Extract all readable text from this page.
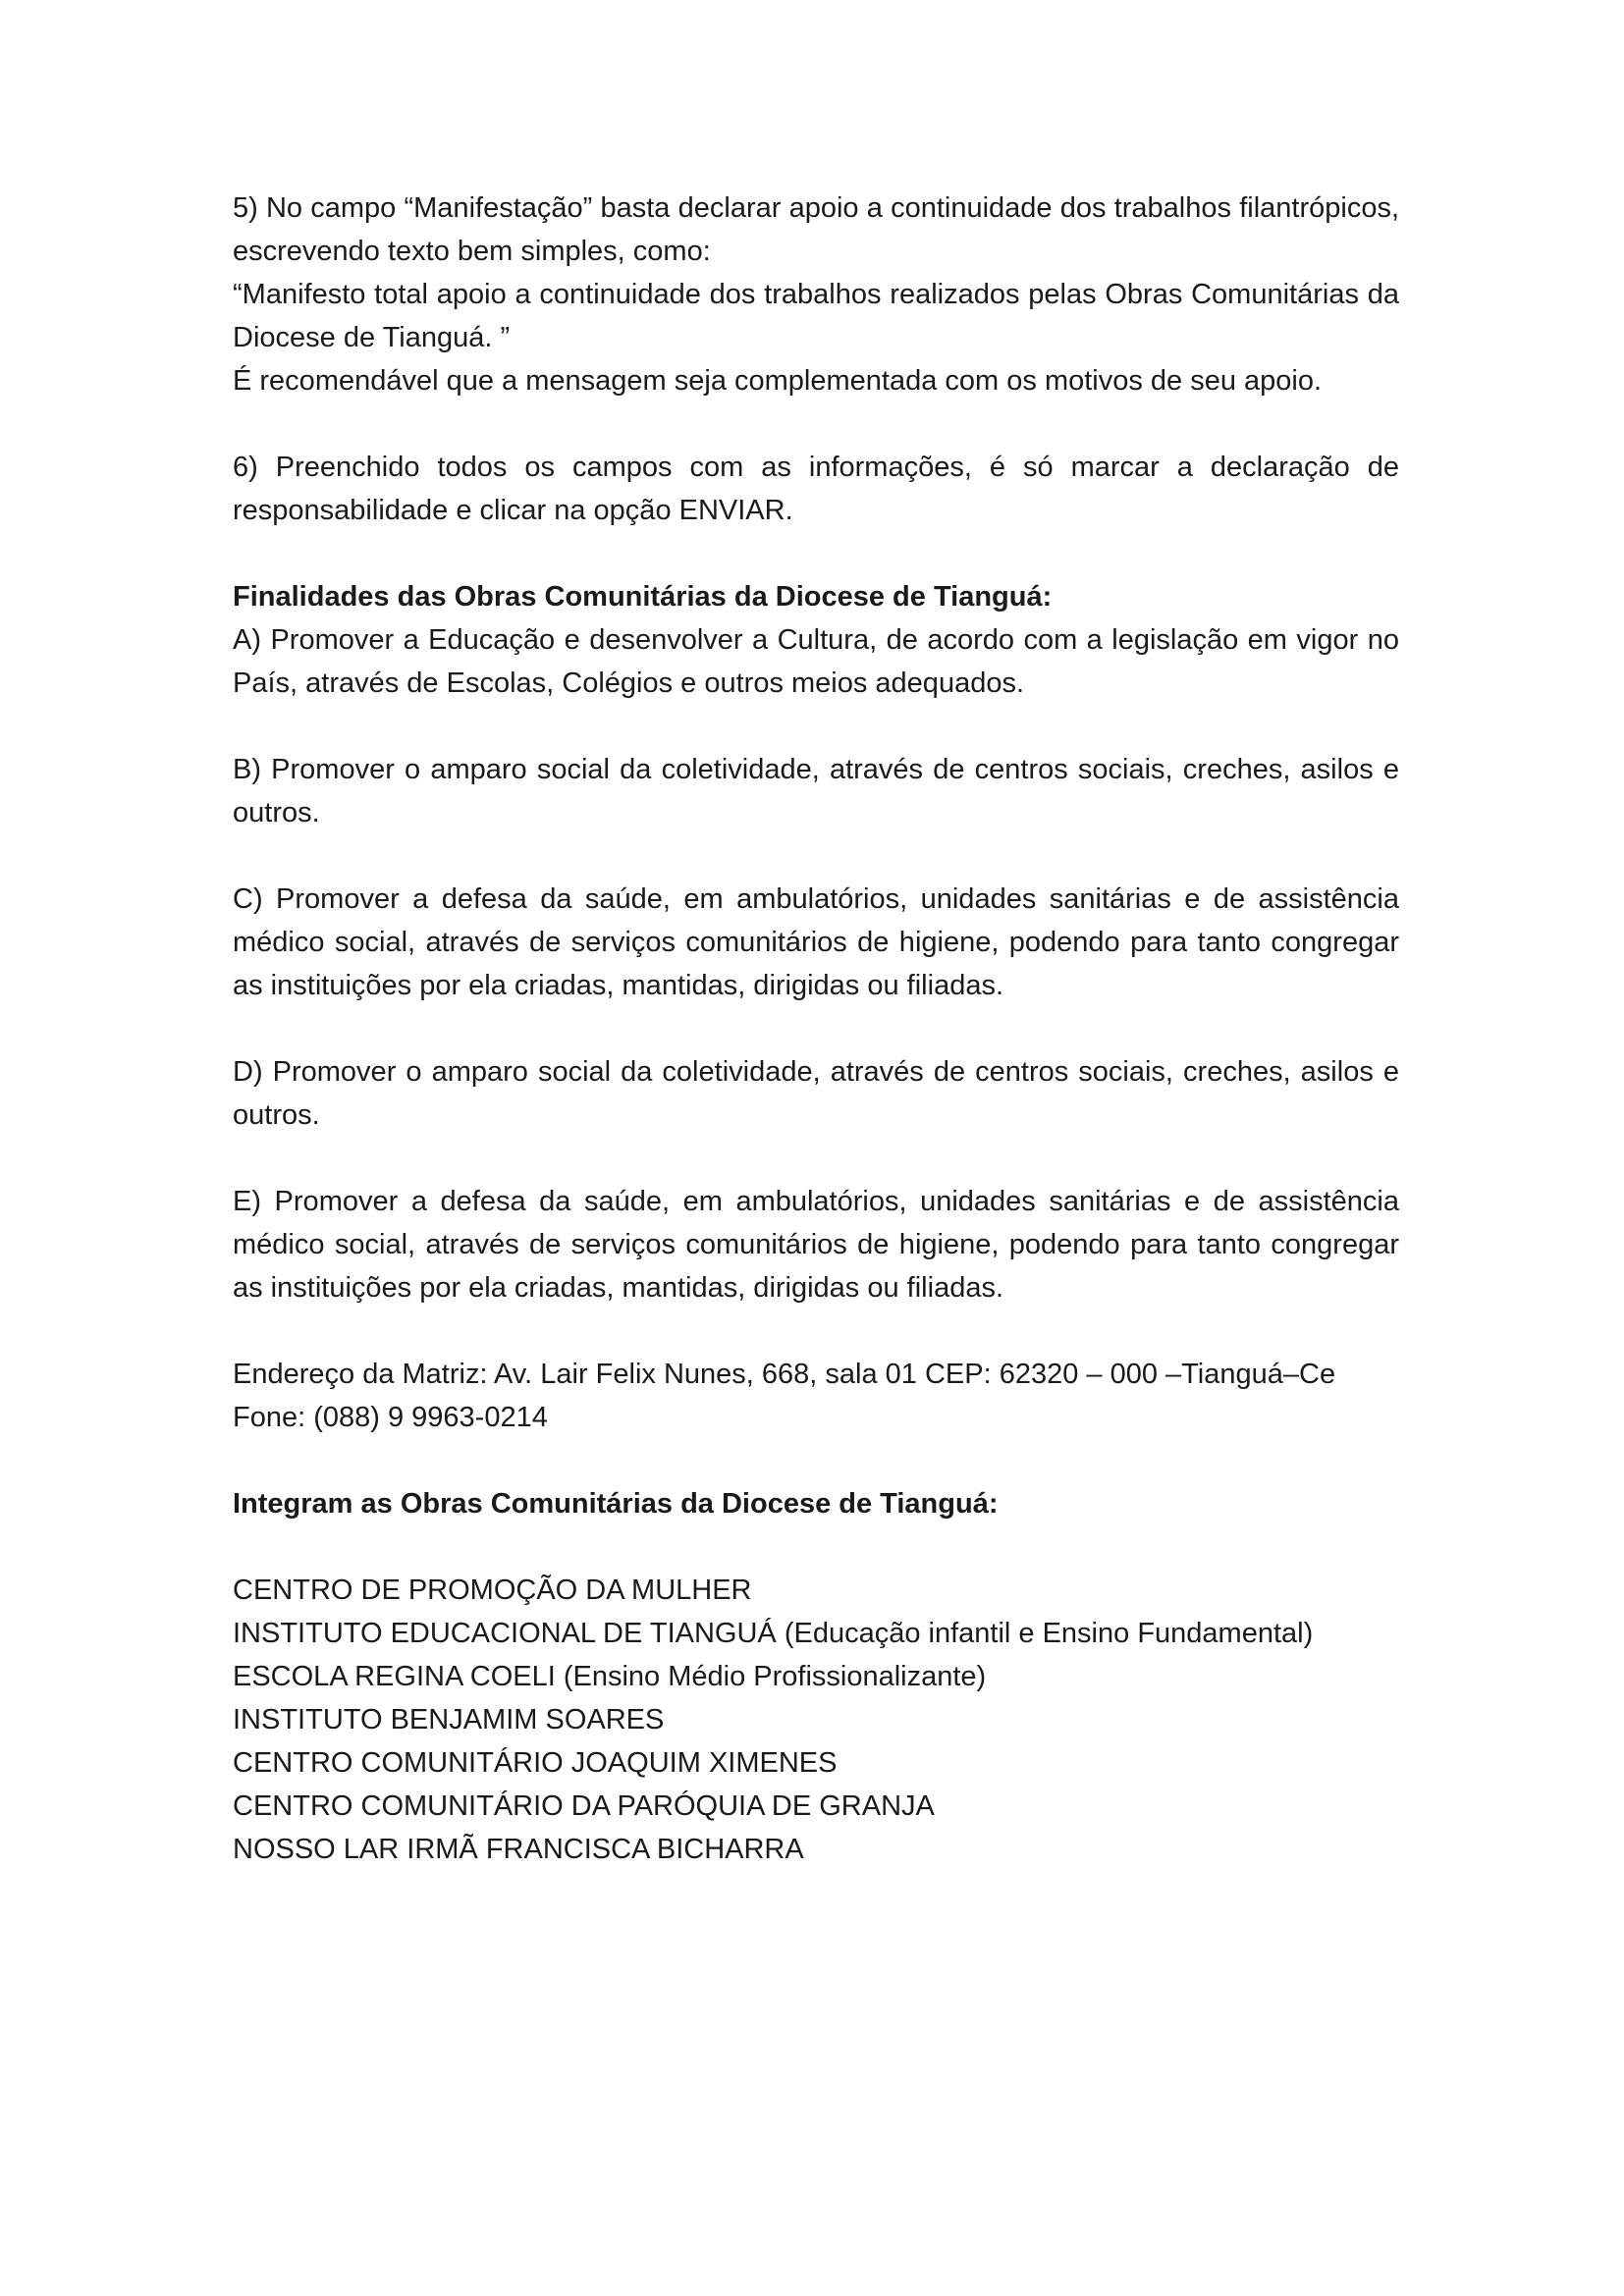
5) No campo “Manifestação” basta declarar apoio a continuidade dos trabalhos filantrópicos, escrevendo texto bem simples, como:

“Manifesto total apoio a continuidade dos trabalhos realizados pelas Obras Comunitárias da Diocese de Tianguá. ”

É recomendável que a mensagem seja complementada com os motivos de seu apoio.

6) Preenchido todos os campos com as informações, é só marcar a declaração de responsabilidade e clicar na opção ENVIAR.

Finalidades das Obras Comunitárias da Diocese de Tianguá:

A) Promover a Educação e desenvolver a Cultura, de acordo com a legislação em vigor no País, através de Escolas, Colégios e outros meios adequados.

B) Promover o amparo social da coletividade, através de centros sociais, creches, asilos e outros.

C) Promover a defesa da saúde, em ambulatórios, unidades sanitárias e de assistência médico social, através de serviços comunitários de higiene, podendo para tanto congregar as instituições por ela criadas, mantidas, dirigidas ou filiadas.

D) Promover o amparo social da coletividade, através de centros sociais, creches, asilos e outros.

E) Promover a defesa da saúde, em ambulatórios, unidades sanitárias e de assistência médico social, através de serviços comunitários de higiene, podendo para tanto congregar as instituições por ela criadas, mantidas, dirigidas ou filiadas.

Endereço da Matriz: Av. Lair Felix Nunes, 668, sala 01 CEP: 62320 – 000 –Tianguá–Ce

Fone: (088) 9 9963-0214

Integram as Obras Comunitárias da Diocese de Tianguá:

CENTRO DE PROMOÇÃO DA MULHER
INSTITUTO EDUCACIONAL DE TIANGUÁ (Educação infantil e Ensino Fundamental)
ESCOLA REGINA COELI (Ensino Médio Profissionalizante)
INSTITUTO BENJAMIM SOARES
CENTRO COMUNITÁRIO JOAQUIM XIMENES
CENTRO COMUNITÁRIO DA PARÓQUIA DE GRANJA
NOSSO LAR IRMÃ FRANCISCA BICHARRA
